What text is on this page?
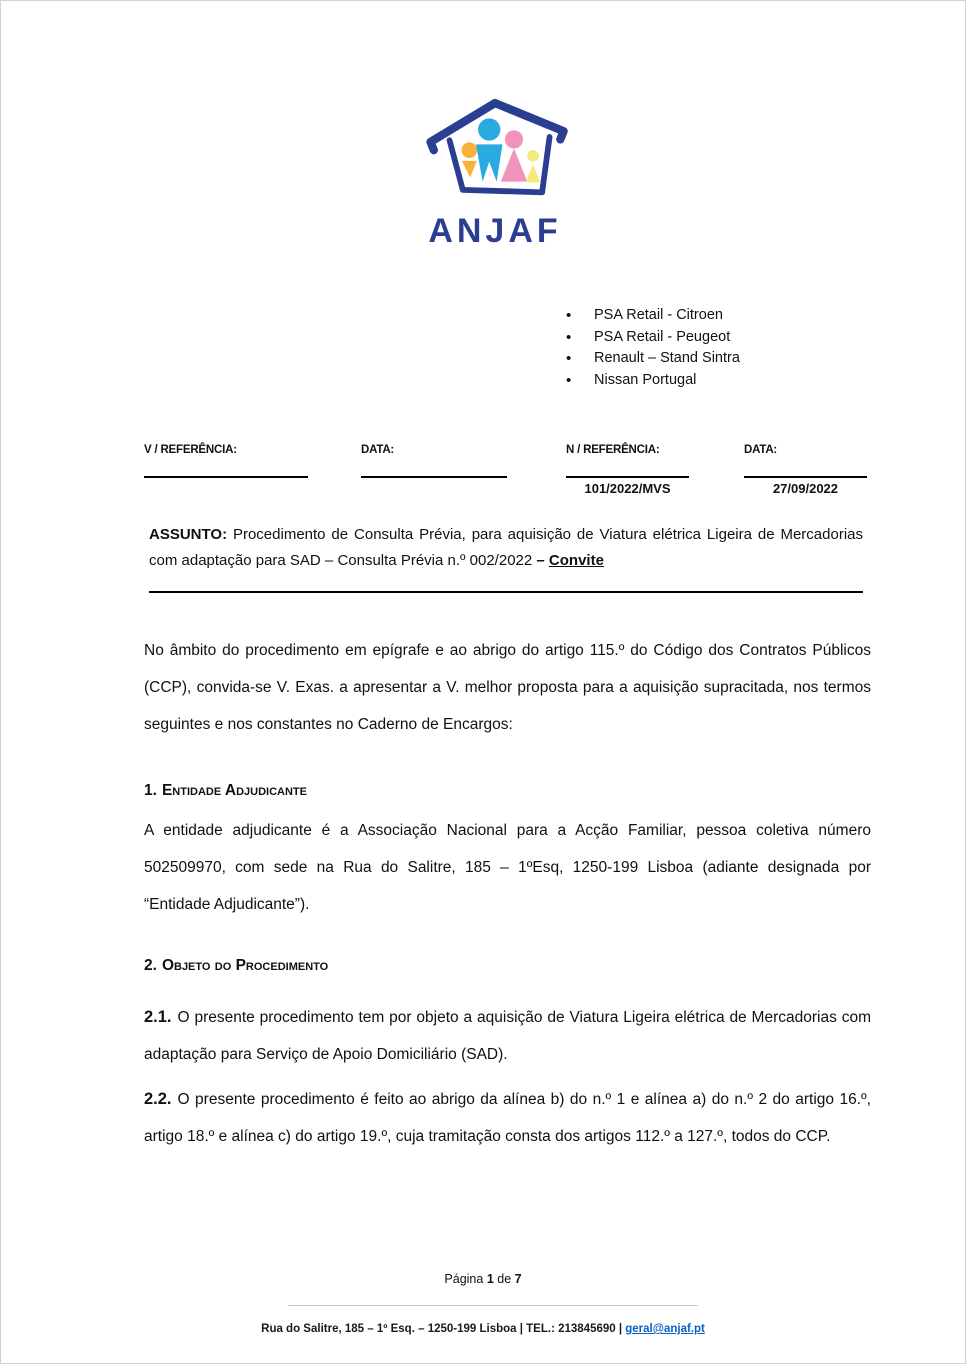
ANJAF
• PSA Retail - Citroen
• PSA Retail - Peugeot
• Renault – Stand Sintra
• Nissan Portugal
V / REFERÊNCIA:	DATA:	N / REFERÊNCIA:
101/2022/MVS
DATA:
27/09/2022
ASSUNTO: Procedimento de Consulta Prévia, para aquisição de Viatura elétrica Ligeira de Mercadorias com adaptação para SAD – Consulta Prévia n.º 002/2022 – Convite
No âmbito do procedimento em epígrafe e ao abrigo do artigo 115.º do Código dos Contratos Públicos (CCP), convida-se V. Exas. a apresentar a V. melhor proposta para a aquisição supracitada, nos termos seguintes e nos constantes no Caderno de Encargos:
1. Entidade Adjudicante
A entidade adjudicante é a Associação Nacional para a Acção Familiar, pessoa coletiva número 502509970, com sede na Rua do Salitre, 185 – 1ºEsq, 1250-199 Lisboa (adiante designada por “Entidade Adjudicante”).
2. Objeto do Procedimento
2.1. O presente procedimento tem por objeto a aquisição de Viatura Ligeira elétrica de Mercadorias com adaptação para Serviço de Apoio Domiciliário (SAD).
2.2. O presente procedimento é feito ao abrigo da alínea b) do n.º 1 e alínea a) do n.º 2 do artigo 16.º, artigo 18.º e alínea c) do artigo 19.º, cuja tramitação consta dos artigos 112.º a 127.º, todos do CCP.
Página 1 de 7
Rua do Salitre, 185 – 1º Esq. – 1250-199 Lisboa | TEL.: 213845690 | geral@anjaf.pt
